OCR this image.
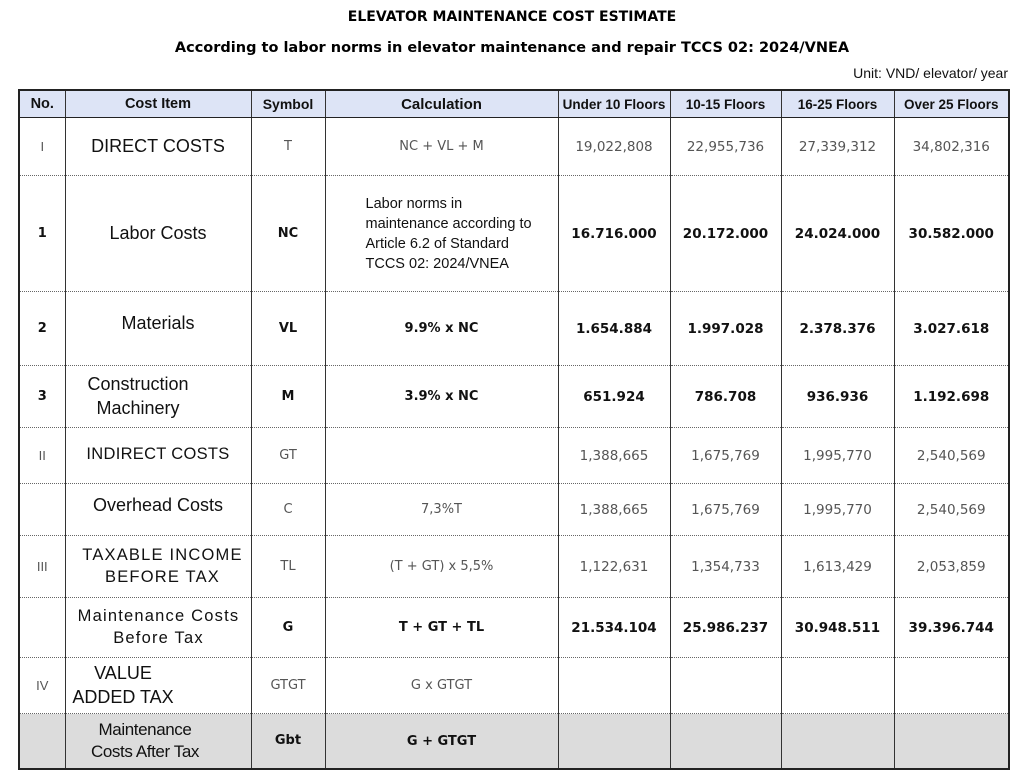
ELEVATOR MAINTENANCE COST ESTIMATE
According to labor norms in elevator maintenance and repair TCCS 02: 2024/VNEA
Unit: VND/ elevator/ year
No.	Cost Item	Symbol	Calculation	Under 10 Floors	10-15 Floors	16-25 Floors	Over 25 Floors
I	DIRECT COSTS	T	NC + VL + M	19,022,808	22,955,736	27,339,312	34,802,316
1	Labor Costs	NC	Labor norms in maintenance according to Article 6.2 of Standard TCCS 02: 2024/VNEA	16.716.000	20.172.000	24.024.000	30.582.000
2	Materials	VL	9.9% x NC	1.654.884	1.997.028	2.378.376	3.027.618
3	Construction Machinery	M	3.9% x NC	651.924	786.708	936.936	1.192.698
II	INDIRECT COSTS	GT		1,388,665	1,675,769	1,995,770	2,540,569
	Overhead Costs	C	7,3%T	1,388,665	1,675,769	1,995,770	2,540,569
III	TAXABLE INCOME BEFORE TAX	TL	(T + GT) x 5,5%	1,122,631	1,354,733	1,613,429	2,053,859
	Maintenance Costs Before Tax	G	T + GT + TL	21.534.104	25.986.237	30.948.511	39.396.744
IV	VALUE ADDED TAX	GTGT	G x GTGT				
	Maintenance Costs After Tax	Gbt	G + GTGT				
